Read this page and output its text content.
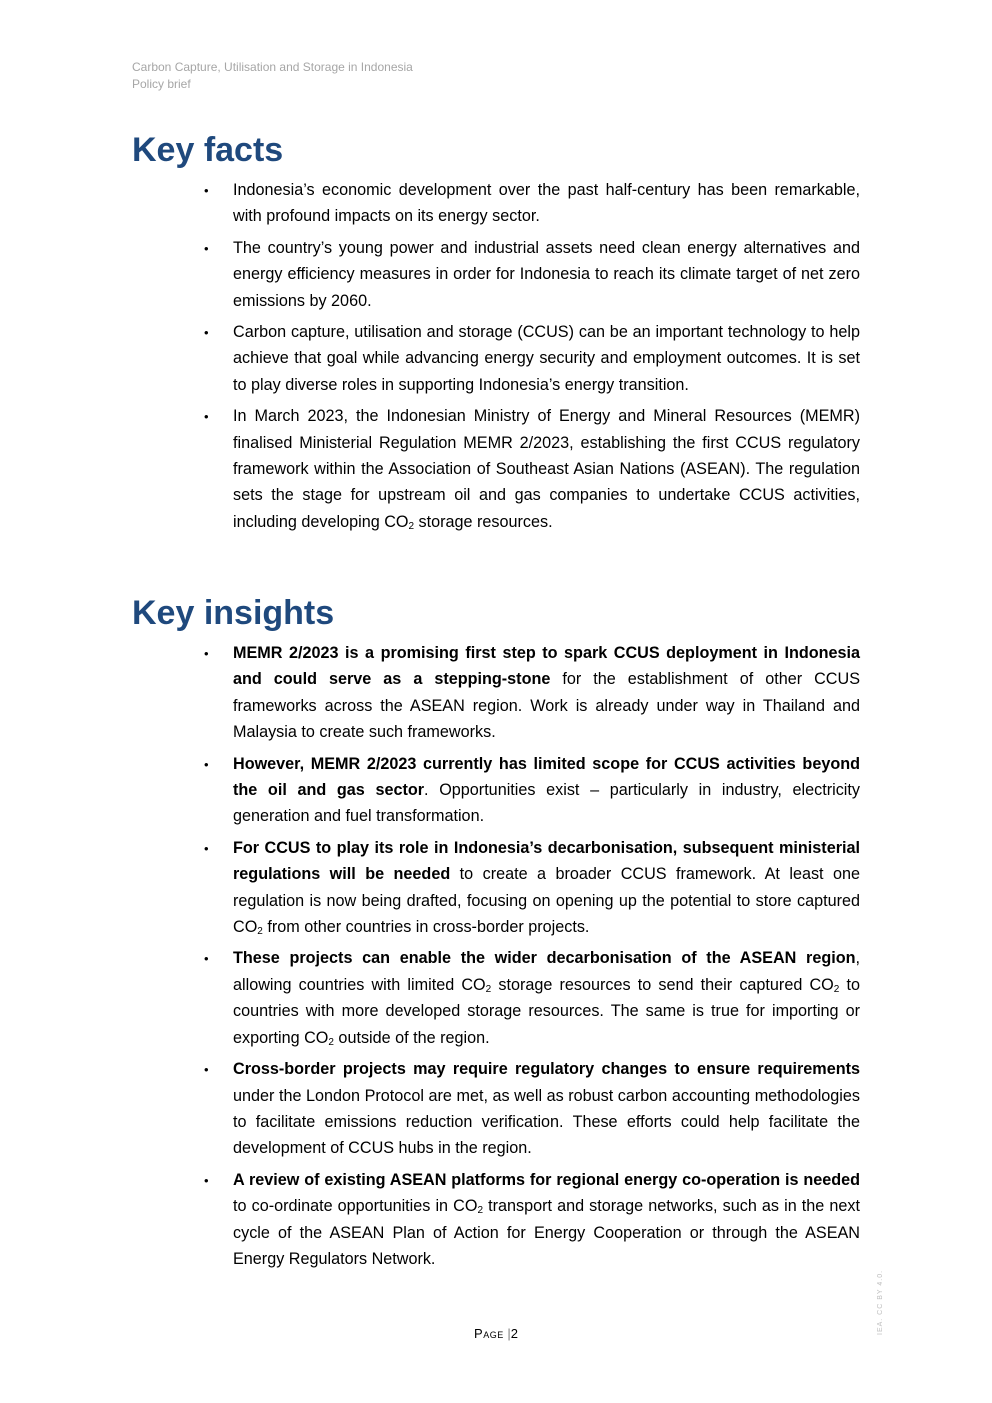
Carbon Capture, Utilisation and Storage in Indonesia
Policy brief
Key facts
• Indonesia’s economic development over the past half-century has been remarkable, with profound impacts on its energy sector.
• The country’s young power and industrial assets need clean energy alternatives and energy efficiency measures in order for Indonesia to reach its climate target of net zero emissions by 2060.
• Carbon capture, utilisation and storage (CCUS) can be an important technology to help achieve that goal while advancing energy security and employment outcomes. It is set to play diverse roles in supporting Indonesia’s energy transition.
• In March 2023, the Indonesian Ministry of Energy and Mineral Resources (MEMR) finalised Ministerial Regulation MEMR 2/2023, establishing the first CCUS regulatory framework within the Association of Southeast Asian Nations (ASEAN). The regulation sets the stage for upstream oil and gas companies to undertake CCUS activities, including developing $CO_2$ storage resources.
Key insights
• MEMR 2/2023 is a promising first step to spark CCUS deployment in Indonesia and could serve as a stepping-stone for the establishment of other CCUS frameworks across the ASEAN region. Work is already under way in Thailand and Malaysia to create such frameworks.
• However, MEMR 2/2023 currently has limited scope for CCUS activities beyond the oil and gas sector. Opportunities exist – particularly in industry, electricity generation and fuel transformation.
• For CCUS to play its role in Indonesia’s decarbonisation, subsequent ministerial regulations will be needed to create a broader CCUS framework. At least one regulation is now being drafted, focusing on opening up the potential to store captured $CO_2$ from other countries in cross-border projects.
• These projects can enable the wider decarbonisation of the ASEAN region, allowing countries with limited $CO_2$ storage resources to send their captured $CO_2$ to countries with more developed storage resources. The same is true for importing or exporting $CO_2$ outside of the region.
• Cross-border projects may require regulatory changes to ensure requirements under the London Protocol are met, as well as robust carbon accounting methodologies to facilitate emissions reduction verification. These efforts could help facilitate the development of CCUS hubs in the region.
• A review of existing ASEAN platforms for regional energy co-operation is needed to co-ordinate opportunities in $CO_2$ transport and storage networks, such as in the next cycle of the ASEAN Plan of Action for Energy Cooperation or through the ASEAN Energy Regulators Network.
Page |2	IEA. CC BY 4.0.
